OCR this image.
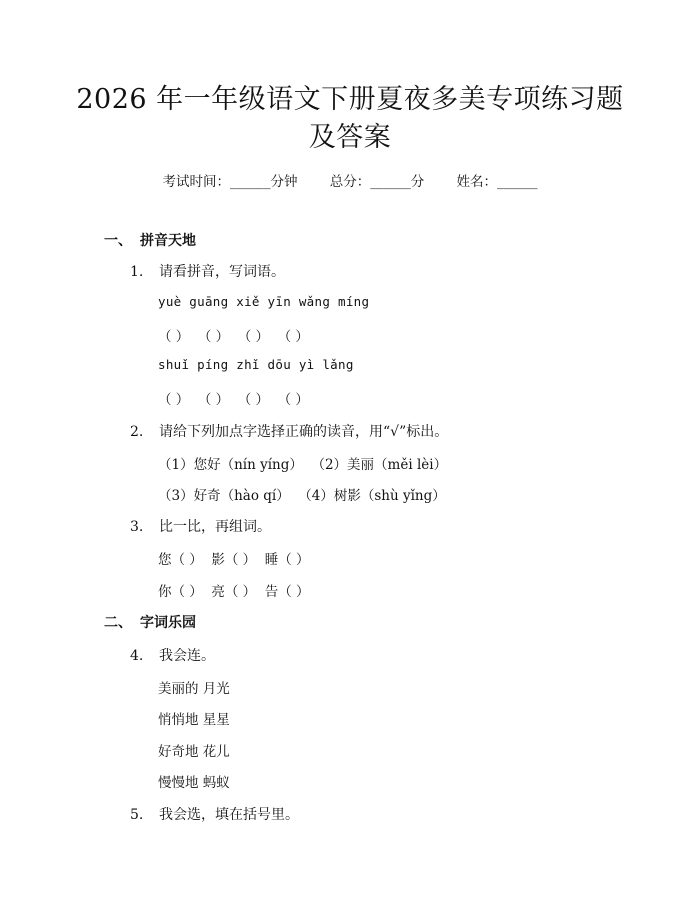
2026 年一年级语文下册夏夜多美专项练习题
及答案
考试时间：______分钟 总分：______分 姓名：______
一、 拼音天地
1. 请看拼音，写词语。
yuè guāng xiě yīn wǎng míng
（ ）  （ ）  （ ）  （ ）
shuǐ píng zhǐ dōu yì lǎng
（ ）  （ ）  （ ）  （ ）
2. 请给下列加点字选择正确的读音，用“√”标出。
（1）您好（nín yíng）  （2）美丽（měi lèi）
（3）好奇（hào qí）  （4）树影（shù yǐng）
3. 比一比，再组词。
您（ ）  影（ ）  睡（ ）
你（ ）  亮（ ）  告（ ）
二、 字词乐园
4. 我会连。
美丽的 月光
悄悄地 星星
好奇地 花儿
慢慢地 蚂蚁
5. 我会选，填在括号里。
